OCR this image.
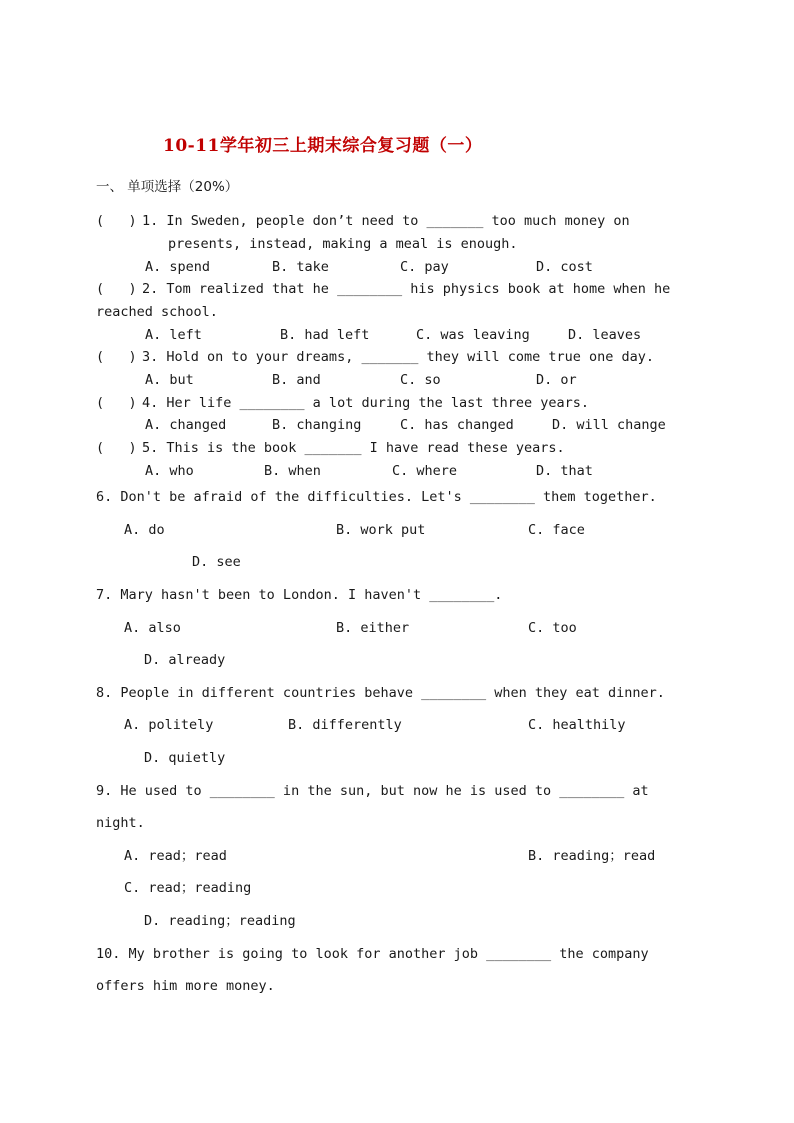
10-11学年初三上期末综合复习题（一）
一、 单项选择（20%）
(   ) 1. In Sweden, people don’t need to _______ too much money on
presents, instead, making a meal is enough.
A. spend	B. take	C. pay	D. cost
(   ) 2. Tom realized that he ________ his physics book at home when he
reached school.
A. left	B. had left	C. was leaving	D. leaves
(   ) 3. Hold on to your dreams, _______ they will come true one day.
A. but	B. and	C. so	D. or
(   ) 4. Her life ________ a lot during the last three years.
A. changed	B. changing	C. has changed	D. will change
(   ) 5. This is the book _______ I have read these years.
A. who	B. when	C. where	D. that
6. Don't be afraid of the difficulties. Let's ________ them together.
A. do	B. work put	C. face
D. see
7. Mary hasn't been to London. I haven't ________.
A. also	B. either	C. too
D. already
8. People in different countries behave ________ when they eat dinner.
A. politely	B. differently	C. healthily
D. quietly
9. He used to ________ in the sun, but now he is used to ________ at
night.
A. read；read	B. reading；read
C. read；reading
D. reading；reading
10. My brother is going to look for another job ________ the company
offers him more money.
